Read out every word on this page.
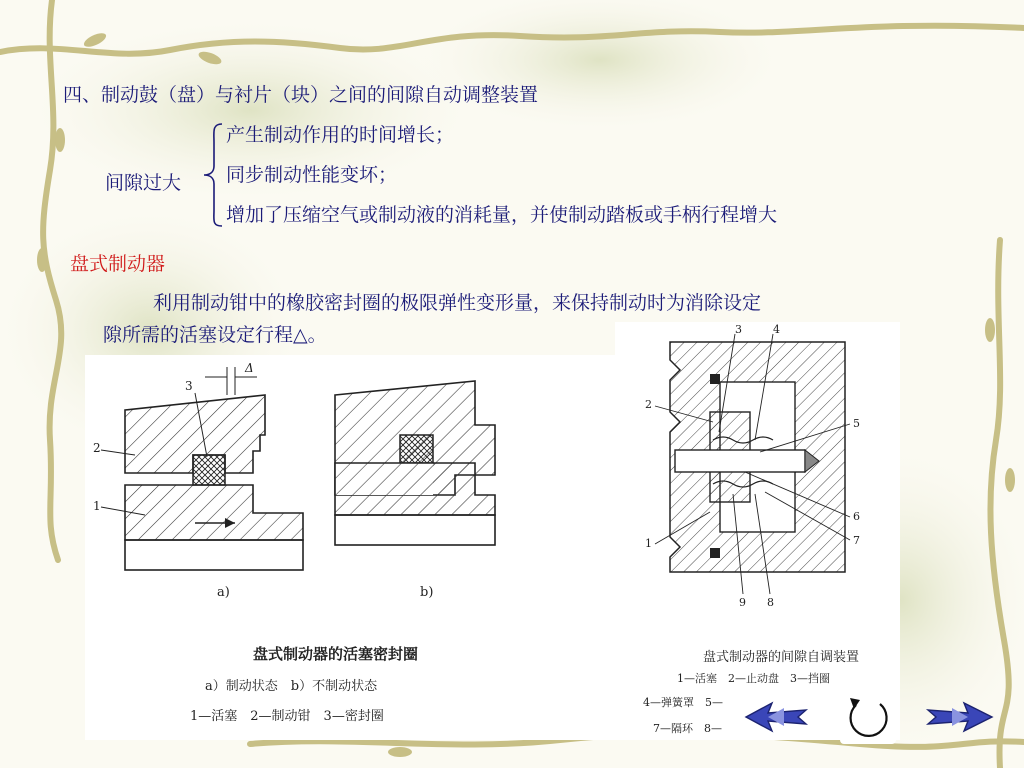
四、制动鼓（盘）与衬片（块）之间的间隙自动调整装置
间隙过大
产生制动作用的时间增长；
同步制动性能变坏；
增加了压缩空气或制动液的消耗量，并使制动踏板或手柄行程增大
盘式制动器
利用制动钳中的橡胶密封圈的极限弹性变形量，来保持制动时为消除设定
隙所需的活塞设定行程△。
Δ
3
2
1
a)	b)
盘式制动器的活塞密封圈
a）制动状态　b）不制动状态
1—活塞　2—制动钳　3—密封圈
3	4
2
5
6
7
1
9 8
盘式制动器的间隙自调装置
1—活塞　2—止动盘　3—挡圈
4—弹簧罩　5—
7—隔环　8—
